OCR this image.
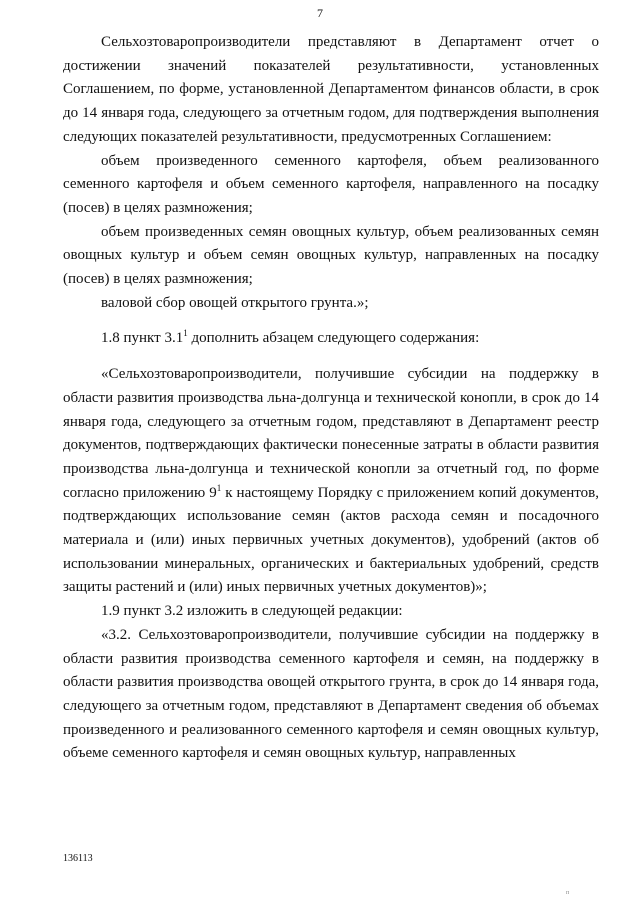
7

Сельхозтоваропроизводители представляют в Департамент отчет о достижении значений показателей результативности, установленных Соглашением, по форме, установленной Департаментом финансов области, в срок до 14 января года, следующего за отчетным годом, для подтверждения выполнения следующих показателей результативности, предусмотренных Соглашением:

объем произведенного семенного картофеля, объем реализованного семенного картофеля и объем семенного картофеля, направленного на посадку (посев) в целях размножения;

объем произведенных семян овощных культур, объем реализованных семян овощных культур и объем семян овощных культур, направленных на посадку (посев) в целях размножения;

валовой сбор овощей открытого грунта.»;

1.8 пункт $3.1^1$ дополнить абзацем следующего содержания:

«Сельхозтоваропроизводители, получившие субсидии на поддержку в области развития производства льна-долгунца и технической конопли, в срок до 14 января года, следующего за отчетным годом, представляют в Департамент реестр документов, подтверждающих фактически понесенные затраты в области развития производства льна-долгунца и технической конопли за отчетный год, по форме согласно приложению $9^1$ к настоящему Порядку с приложением копий документов, подтверждающих использование семян (актов расхода семян и посадочного материала и (или) иных первичных учетных документов), удобрений (актов об использовании минеральных, органических и бактериальных удобрений, средств защиты растений и (или) иных первичных учетных документов)»;

1.9 пункт 3.2 изложить в следующей редакции:

«3.2. Сельхозтоваропроизводители, получившие субсидии на поддержку в области развития производства семенного картофеля и семян, на поддержку в области развития производства овощей открытого грунта, в срок до 14 января года, следующего за отчетным годом, представляют в Департамент сведения об объемах произведенного и реализованного семенного картофеля и семян овощных культур, объеме семенного картофеля и семян овощных культур, направленных

136113
п
